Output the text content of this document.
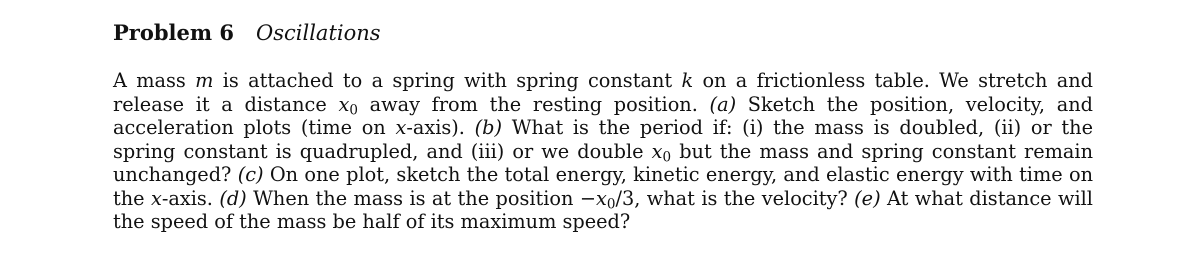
Problem 6 Oscillations
A mass m is attached to a spring with spring constant k on a frictionless table. We stretch and release it a distance $x_0$ away from the resting position. (a) Sketch the position, velocity, and acceleration plots (time on x-axis). (b) What is the period if: (i) the mass is doubled, (ii) or the spring constant is quadrupled, and (iii) or we double $x_0$ but the mass and spring constant remain unchanged? (c) On one plot, sketch the total energy, kinetic energy, and elastic energy with time on the x-axis. (d) When the mass is at the position $-x_0/3$, what is the velocity? (e) At what distance will the speed of the mass be half of its maximum speed?
